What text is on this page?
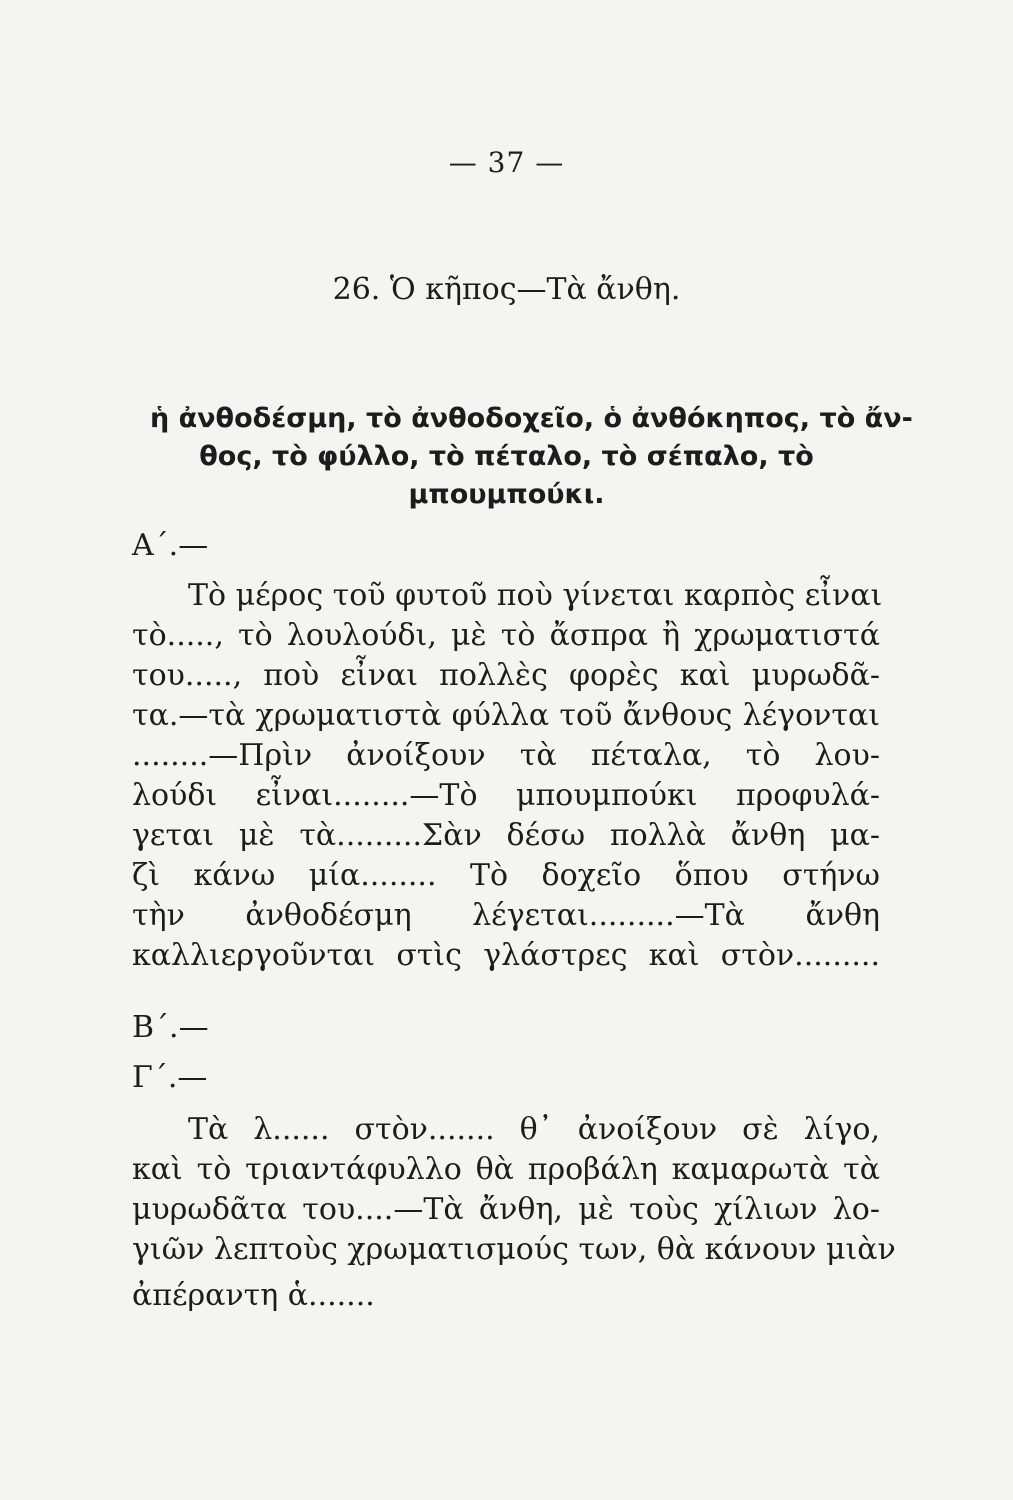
— 37 —
26. Ὁ κῆπος—Τὰ ἄνθη.
ἡ ἀνθοδέσμη, τὸ ἀνθοδοχεῖο, ὁ ἀνθόκηπος, τὸ ἄν-
θος, τὸ φύλλο, τὸ πέταλο, τὸ σέπαλο, τὸ
μπουμπούκι.
Α΄.—
Τὸ μέρος τοῦ φυτοῦ ποὺ γίνεται καρπὸς εἶναι
τὸ....., τὸ λουλούδι, μὲ τὸ ἄσπρα ἢ χρωματιστά
του....., ποὺ εἶναι πολλὲς φορὲς καὶ μυρωδᾶ-
τα.—τὰ χρωματιστὰ φύλλα τοῦ ἄνθους λέγονται
........—Πρὶν ἀνοίξουν τὰ πέταλα, τὸ λου-
λούδι εἶναι........—Τὸ μπουμπούκι προφυλά-
γεται μὲ τὰ.........Σὰν δέσω πολλὰ ἄνθη μα-
ζὶ κάνω μία........ Τὸ δοχεῖο ὅπου στήνω
τὴν ἀνθοδέσμη λέγεται.........—Τὰ ἄνθη
καλλιεργοῦνται στὶς γλάστρες καὶ στὸν.........
Β΄.—
Γ΄.—
Τὰ λ...... στὸν....... θ᾽ ἀνοίξουν σὲ λίγο,
καὶ τὸ τριαντάφυλλο θὰ προβάλη καμαρωτὰ τὰ
μυρωδᾶτα του....—Τὰ ἄνθη, μὲ τοὺς χίλιων λο-
γιῶν λεπτοὺς χρωματισμούς των, θὰ κάνουν μιὰν
ἀπέραντη ἁ.......
